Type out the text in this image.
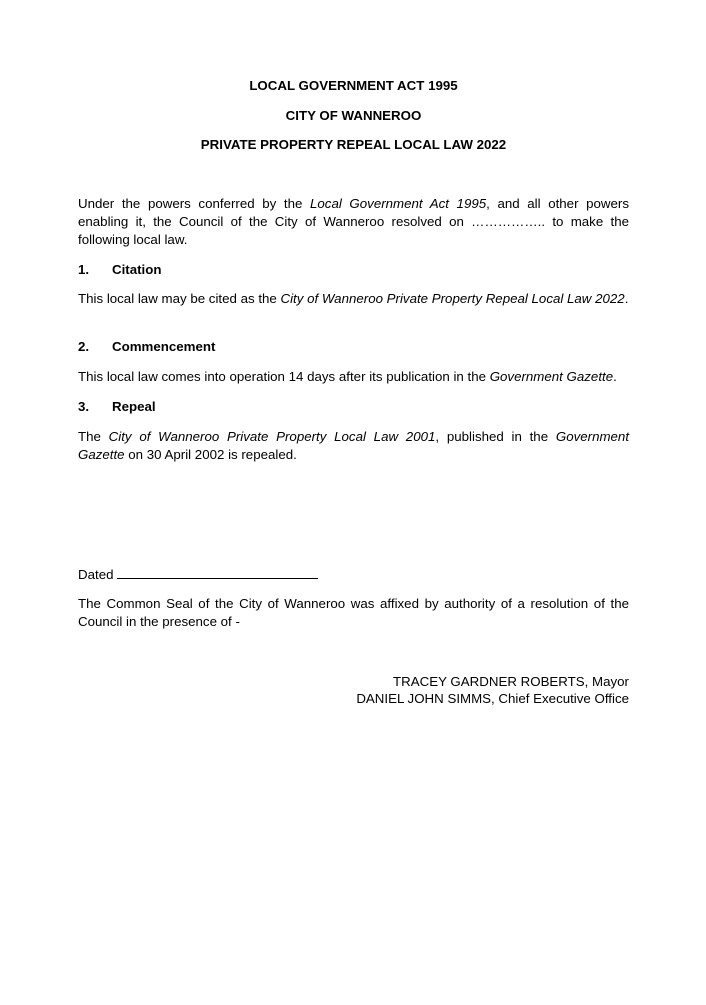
LOCAL GOVERNMENT ACT 1995
CITY OF WANNEROO
PRIVATE PROPERTY REPEAL LOCAL LAW 2022
Under the powers conferred by the Local Government Act 1995, and all other powers enabling it, the Council of the City of Wanneroo resolved on …………….. to make the following local law.
1. Citation
This local law may be cited as the City of Wanneroo Private Property Repeal Local Law 2022.
2. Commencement
This local law comes into operation 14 days after its publication in the Government Gazette.
3. Repeal
The City of Wanneroo Private Property Local Law 2001, published in the Government Gazette on 30 April 2002 is repealed.
Dated
The Common Seal of the City of Wanneroo was affixed by authority of a resolution of the Council in the presence of -
TRACEY GARDNER ROBERTS, Mayor
DANIEL JOHN SIMMS, Chief Executive Office
